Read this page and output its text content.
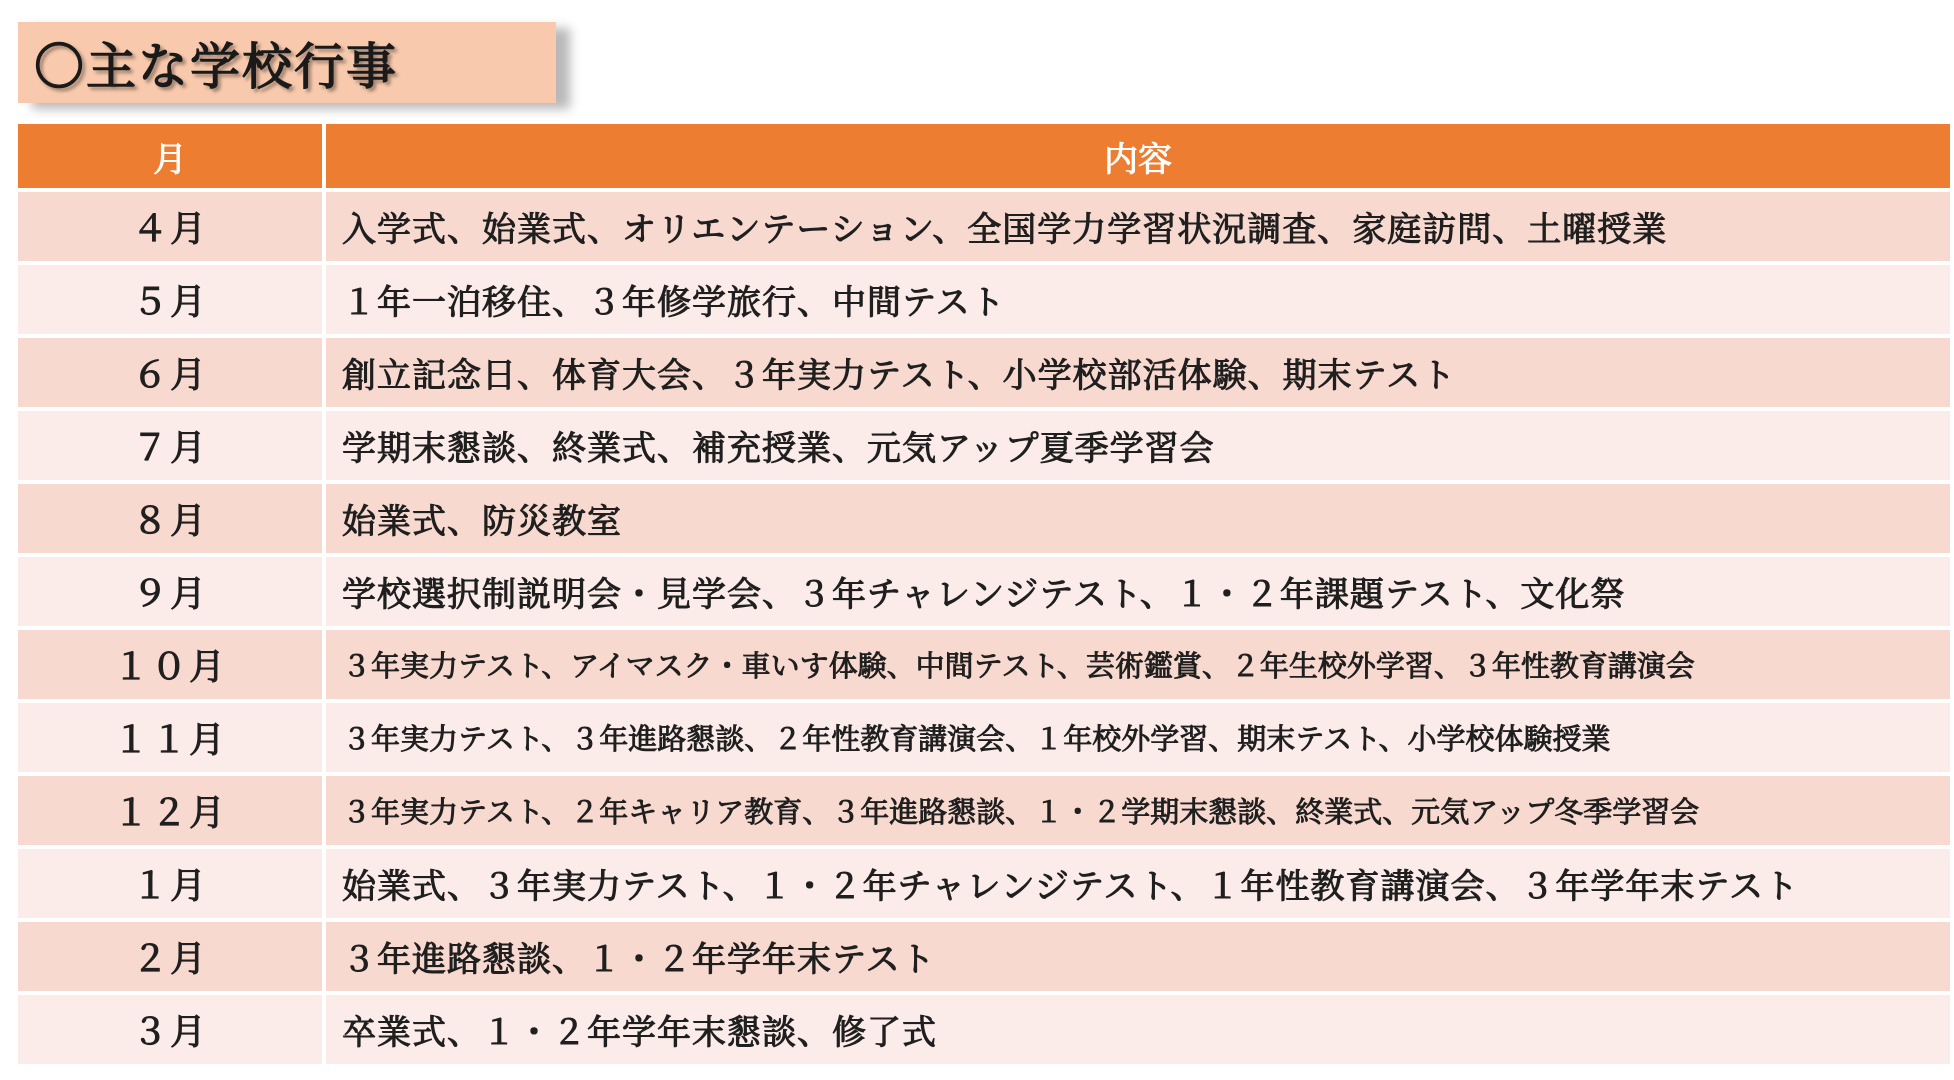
〇主な学校行事
月	内容
４月	入学式、始業式、オリエンテーション、全国学力学習状況調査、家庭訪問、土曜授業
５月	１年一泊移住、３年修学旅行、中間テスト
６月	創立記念日、体育大会、３年実力テスト、小学校部活体験、期末テスト
７月	学期末懇談、終業式、補充授業、元気アップ夏季学習会
８月	始業式、防災教室
９月	学校選択制説明会・見学会、３年チャレンジテスト、１・２年課題テスト、文化祭
１０月	３年実力テスト、アイマスク・車いす体験、中間テスト、芸術鑑賞、２年生校外学習、３年性教育講演会
１１月	３年実力テスト、３年進路懇談、２年性教育講演会、１年校外学習、期末テスト、小学校体験授業
１２月	３年実力テスト、２年キャリア教育、３年進路懇談、１・２学期末懇談、終業式、元気アップ冬季学習会
１月	始業式、３年実力テスト、１・２年チャレンジテスト、１年性教育講演会、３年学年末テスト
２月	３年進路懇談、１・２年学年末テスト
３月	卒業式、１・２年学年末懇談、修了式
